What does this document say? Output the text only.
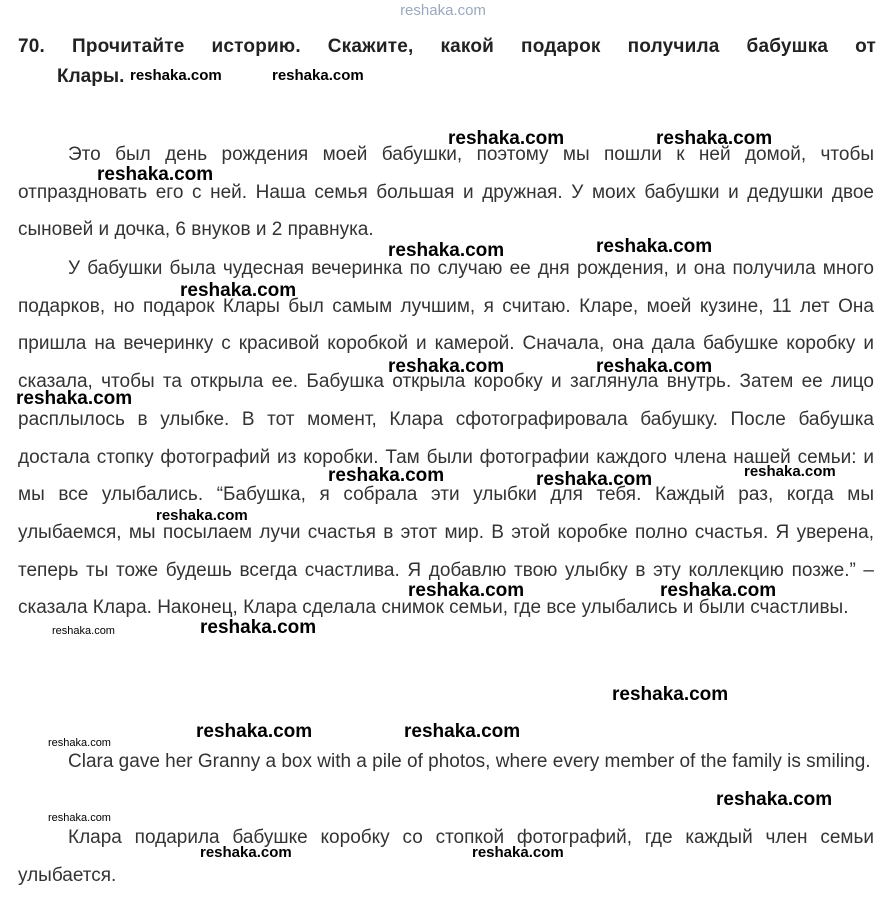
reshaka.com
70. Прочитайте историю. Скажите, какой подарок получила бабушка от
Клары.

Это был день рождения моей бабушки, поэтому мы пошли к ней домой, чтобы отпраздновать его с ней. Наша семья большая и дружная. У моих бабушки и дедушки двое сыновей и дочка, 6 внуков и 2 правнука.

У бабушки была чудесная вечеринка по случаю ее дня рождения, и она получила много подарков, но подарок Клары был самым лучшим, я считаю. Кларе, моей кузине, 11 лет Она пришла на вечеринку с красивой коробкой и камерой. Сначала, она дала бабушке коробку и сказала, чтобы та открыла ее. Бабушка открыла коробку и заглянула внутрь. Затем ее лицо расплылось в улыбке. В тот момент, Клара сфотографировала бабушку. После бабушка достала стопку фотографий из коробки. Там были фотографии каждого члена нашей семьи: и мы все улыбались. “Бабушка, я собрала эти улыбки для тебя. Каждый раз, когда мы улыбаемся, мы посылаем лучи счастья в этот мир. В этой коробке полно счастья. Я уверена, теперь ты тоже будешь всегда счастлива. Я добавлю твою улыбку в эту коллекцию позже.” – сказала Клара. Наконец, Клара сделала снимок семьи, где все улыбались и были счастливы.

Clara gave her Granny a box with a pile of photos, where every member of the family is smiling.

Клара подарила бабушке коробку со стопкой фотографий, где каждый член семьи улыбается.

reshaka.com	reshaka.com
reshaka.com	reshaka.com
reshaka.com
reshaka.com	reshaka.com
reshaka.com
reshaka.com	reshaka.com
reshaka.com
reshaka.com	reshaka.com	reshaka.com
reshaka.com
reshaka.com	reshaka.com
reshaka.com	reshaka.com
reshaka.com
reshaka.com	reshaka.com
reshaka.com
reshaka.com
reshaka.com
reshaka.com	reshaka.com
